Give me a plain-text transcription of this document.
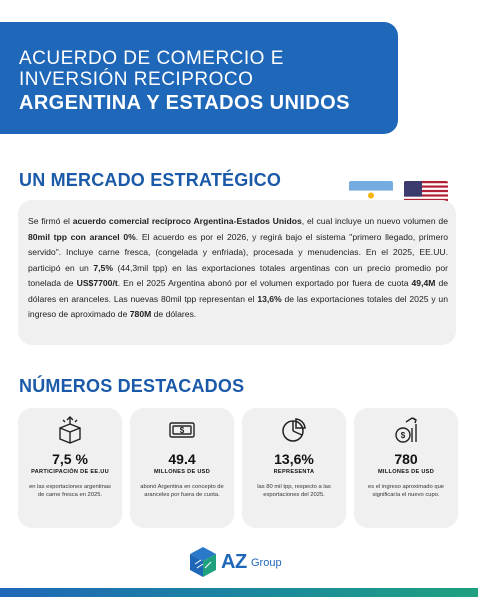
ACUERDO DE COMERCIO E
INVERSIÓN RECIPROCO
ARGENTINA Y ESTADOS UNIDOS
UN MERCADO ESTRATÉGICO

Se firmó el acuerdo comercial recíproco Argentina-Estados Unidos, el cual incluye un nuevo volumen de 80mil tpp con arancel 0%. El acuerdo es por el 2026, y regirá bajo el sistema "primero llegado, primero servido". Incluye carne fresca, (congelada y enfriada), procesada y menudencias. En el 2025, EE.UU. participó en un 7,5% (44,3mil tpp) en las exportaciones totales argentinas con un precio promedio por tonelada de US$7700/t. En el 2025 Argentina abonó por el volumen exportado por fuera de cuota 49,4M de dólares en aranceles. Las nuevas 80mil tpp representan el 13,6% de las exportaciones totales del 2025 y un ingreso de aproximado de 780M de dólares.

NÚMEROS DESTACADOS
7,5 %
PARTICIPACIÓN DE EE.UU
en las exportaciones argentinas de carne fresca en 2025.
$
49.4
MILLONES DE USD
abonó Argentina en concepto de aranceles por fuera de cuota.
13,6%
REPRESENTA
las 80 mil tpp, respecto a las exportaciones del 2025.
$
780
MILLONES DE USD
es el ingreso aproximado que significaría el nuevo cupo.
AZ Group
